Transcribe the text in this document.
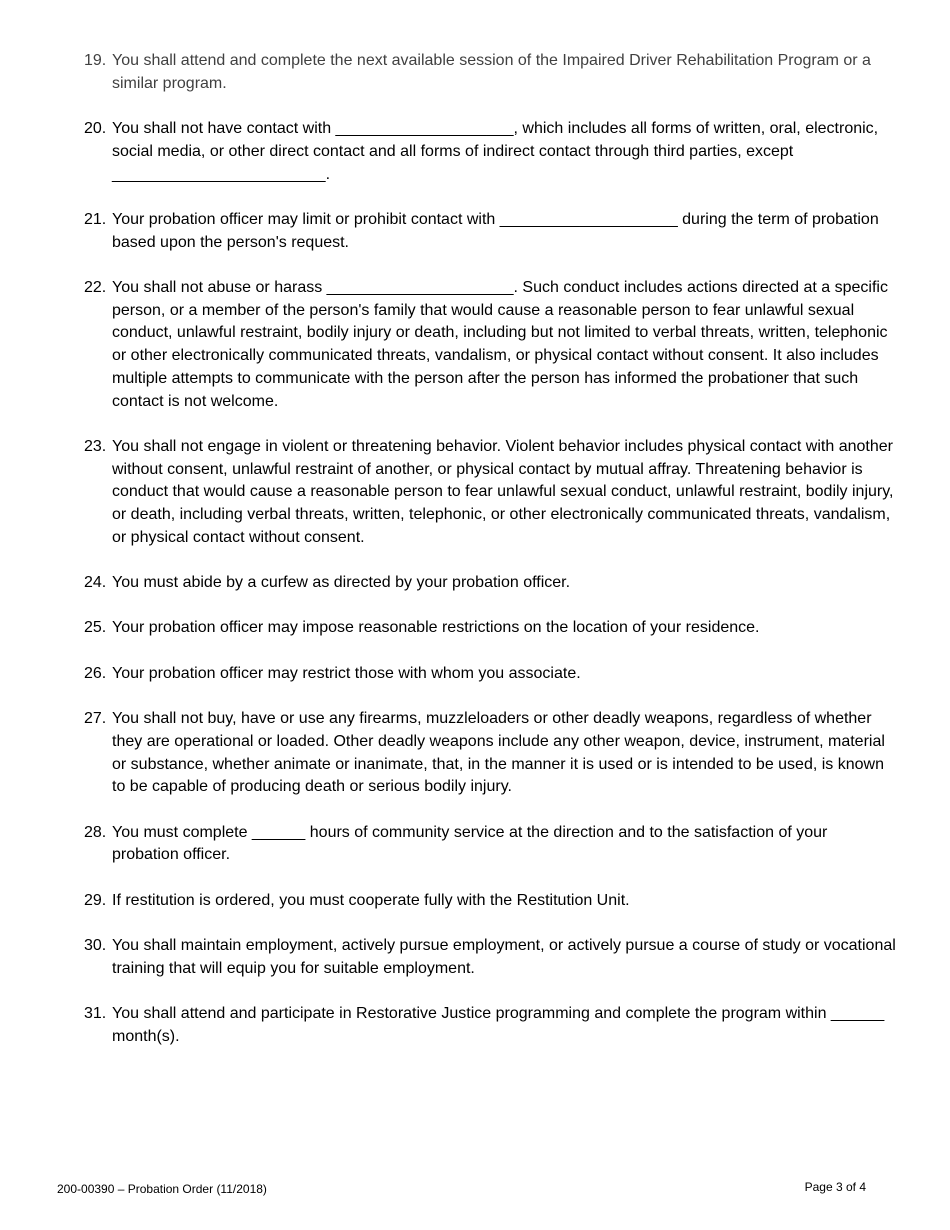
19. You shall attend and complete the next available session of the Impaired Driver Rehabilitation Program or a similar program.
20. You shall not have contact with ____________________, which includes all forms of written, oral, electronic, social media, or other direct contact and all forms of indirect contact through third parties, except ________________________.
21. Your probation officer may limit or prohibit contact with ____________________ during the term of probation based upon the person's request.
22. You shall not abuse or harass _____________________. Such conduct includes actions directed at a specific person, or a member of the person's family that would cause a reasonable person to fear unlawful sexual conduct, unlawful restraint, bodily injury or death, including but not limited to verbal threats, written, telephonic or other electronically communicated threats, vandalism, or physical contact without consent. It also includes multiple attempts to communicate with the person after the person has informed the probationer that such contact is not welcome.
23. You shall not engage in violent or threatening behavior. Violent behavior includes physical contact with another without consent, unlawful restraint of another, or physical contact by mutual affray. Threatening behavior is conduct that would cause a reasonable person to fear unlawful sexual conduct, unlawful restraint, bodily injury, or death, including verbal threats, written, telephonic, or other electronically communicated threats, vandalism, or physical contact without consent.
24. You must abide by a curfew as directed by your probation officer.
25. Your probation officer may impose reasonable restrictions on the location of your residence.
26. Your probation officer may restrict those with whom you associate.
27. You shall not buy, have or use any firearms, muzzleloaders or other deadly weapons, regardless of whether they are operational or loaded. Other deadly weapons include any other weapon, device, instrument, material or substance, whether animate or inanimate, that, in the manner it is used or is intended to be used, is known to be capable of producing death or serious bodily injury.
28. You must complete ______ hours of community service at the direction and to the satisfaction of your probation officer.
29. If restitution is ordered, you must cooperate fully with the Restitution Unit.
30. You shall maintain employment, actively pursue employment, or actively pursue a course of study or vocational training that will equip you for suitable employment.
31. You shall attend and participate in Restorative Justice programming and complete the program within ______ month(s).
200-00390 – Probation Order (11/2018)	Page 3 of 4
